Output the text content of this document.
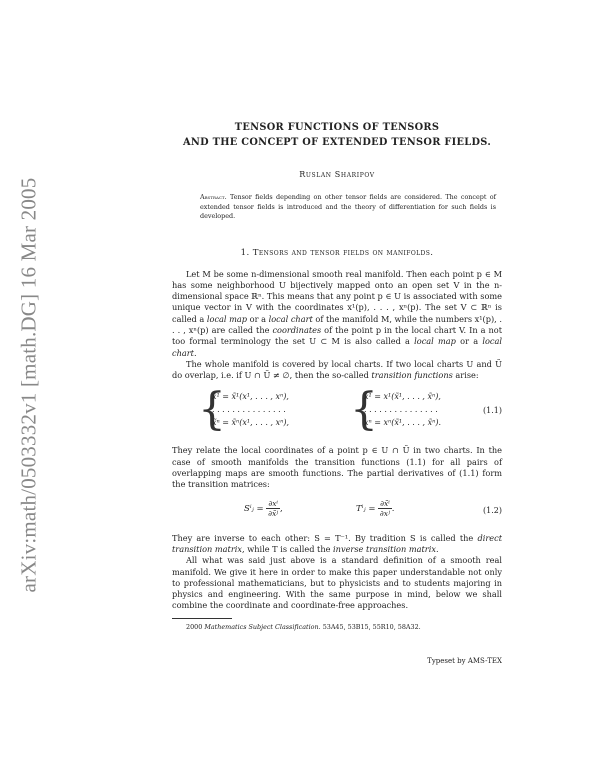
arXiv:math/0503332v1 [math.DG] 16 Mar 2005
TENSOR FUNCTIONS OF TENSORS
AND THE CONCEPT OF EXTENDED TENSOR FIELDS.
Ruslan Sharipov
Abstract. Tensor fields depending on other tensor fields are considered. The concept of extended tensor fields is introduced and the theory of differentiation for such fields is developed.
1. Tensors and tensor fields on manifolds.

Let M be some n-dimensional smooth real manifold. Then each point p ∈ M has some neighborhood U bijectively mapped onto an open set V in the n-dimensional space ℝⁿ. This means that any point p ∈ U is associated with some unique vector in V with the coordinates x¹(p), . . . , xⁿ(p). The set V ⊂ ℝⁿ is called a local map or a local chart of the manifold M, while the numbers x¹(p), . . . , xⁿ(p) are called the coordinates of the point p in the local chart V. In a not too formal terminology the set U ⊂ M is also called a local map or a local chart.

The whole manifold is covered by local charts. If two local charts U and Ũ do overlap, i.e. if U ∩ Ũ ≠ ∅, then the so-called transition functions arise:

{
x̃¹ = x̃¹(x¹, . . . , xⁿ),
. . . . . . . . . . . . . . .
x̃ⁿ = x̃ⁿ(x¹, . . . , xⁿ), {
x¹ = x¹(x̃¹, . . . , x̃ⁿ),
. . . . . . . . . . . . . . .
xⁿ = xⁿ(x̃¹, . . . , x̃ⁿ).
(1.1)

They relate the local coordinates of a point p ∈ U ∩ Ũ in two charts. In the case of smooth manifolds the transition functions (1.1) for all pairs of overlapping maps are smooth functions. The partial derivatives of (1.1) form the transition matrices:

Sⁱⱼ = $\frac{\text{∂xⁱ}}{\text{∂x̃ʲ}}$ ,	Tⁱⱼ = $\frac{\text{∂x̃ⁱ}}{\text{∂xʲ}}$ .	(1.2)

They are inverse to each other: S = T⁻¹. By tradition S is called the direct transition matrix, while T is called the inverse transition matrix.

All what was said just above is a standard definition of a smooth real manifold. We give it here in order to make this paper understandable not only to professional mathematicians, but to physicists and to students majoring in physics and engineering. With the same purpose in mind, below we shall combine the coordinate and coordinate-free approaches.

2000 Mathematics Subject Classification. 53A45, 53B15, 55R10, 58A32.
Typeset by AMS-TEX
